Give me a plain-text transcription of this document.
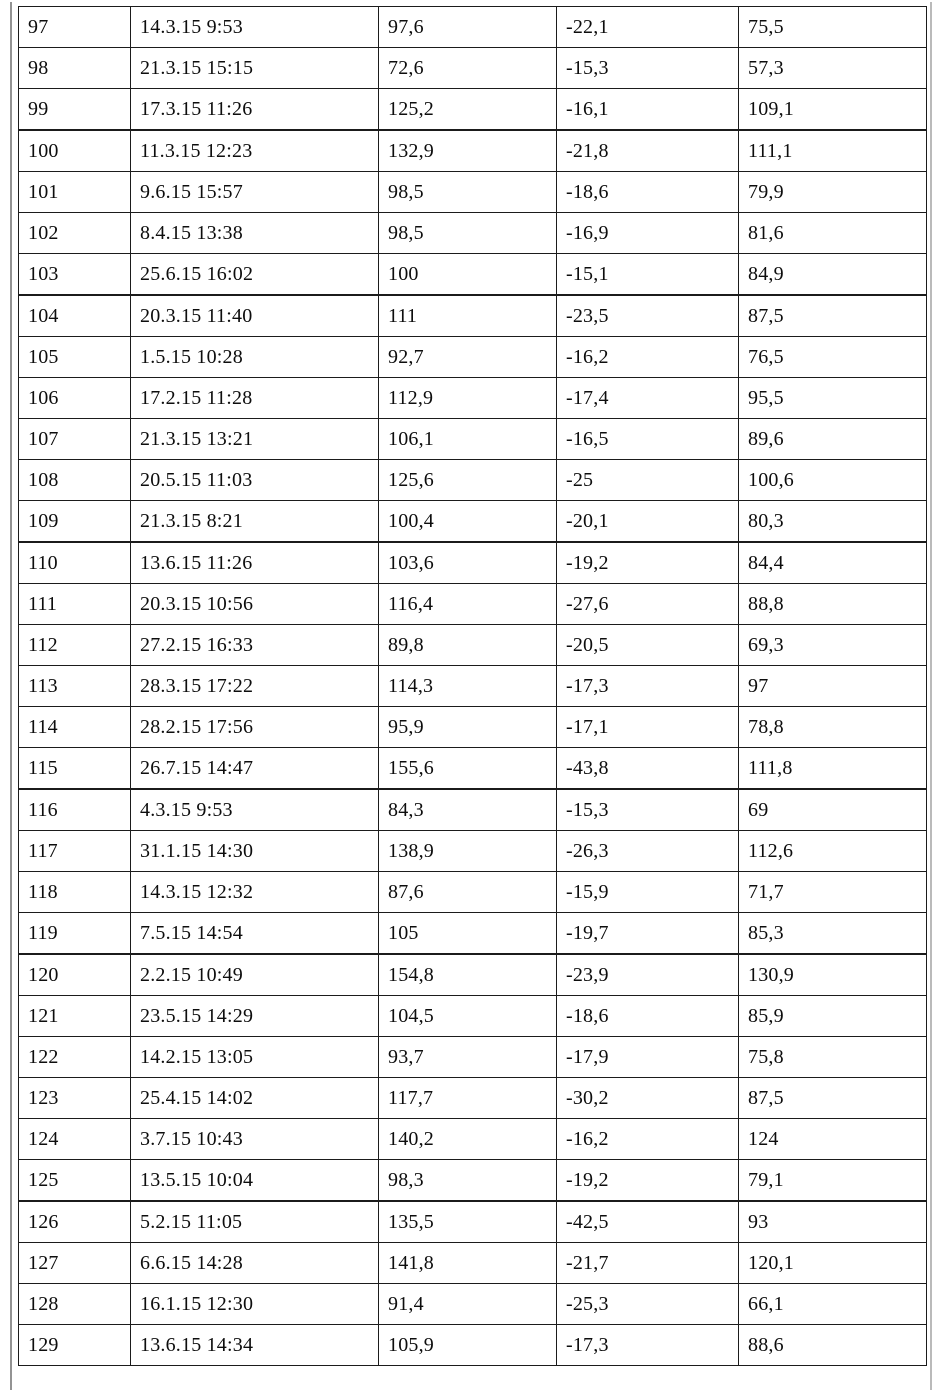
97	14.3.15 9:53	97,6	-22,1	75,5
98	21.3.15 15:15	72,6	-15,3	57,3
99	17.3.15 11:26	125,2	-16,1	109,1
100	11.3.15 12:23	132,9	-21,8	111,1
101	9.6.15 15:57	98,5	-18,6	79,9
102	8.4.15 13:38	98,5	-16,9	81,6
103	25.6.15 16:02	100	-15,1	84,9
104	20.3.15 11:40	111	-23,5	87,5
105	1.5.15 10:28	92,7	-16,2	76,5
106	17.2.15 11:28	112,9	-17,4	95,5
107	21.3.15 13:21	106,1	-16,5	89,6
108	20.5.15 11:03	125,6	-25	100,6
109	21.3.15 8:21	100,4	-20,1	80,3
110	13.6.15 11:26	103,6	-19,2	84,4
111	20.3.15 10:56	116,4	-27,6	88,8
112	27.2.15 16:33	89,8	-20,5	69,3
113	28.3.15 17:22	114,3	-17,3	97
114	28.2.15 17:56	95,9	-17,1	78,8
115	26.7.15 14:47	155,6	-43,8	111,8
116	4.3.15 9:53	84,3	-15,3	69
117	31.1.15 14:30	138,9	-26,3	112,6
118	14.3.15 12:32	87,6	-15,9	71,7
119	7.5.15 14:54	105	-19,7	85,3
120	2.2.15 10:49	154,8	-23,9	130,9
121	23.5.15 14:29	104,5	-18,6	85,9
122	14.2.15 13:05	93,7	-17,9	75,8
123	25.4.15 14:02	117,7	-30,2	87,5
124	3.7.15 10:43	140,2	-16,2	124
125	13.5.15 10:04	98,3	-19,2	79,1
126	5.2.15 11:05	135,5	-42,5	93
127	6.6.15 14:28	141,8	-21,7	120,1
128	16.1.15 12:30	91,4	-25,3	66,1
129	13.6.15 14:34	105,9	-17,3	88,6
